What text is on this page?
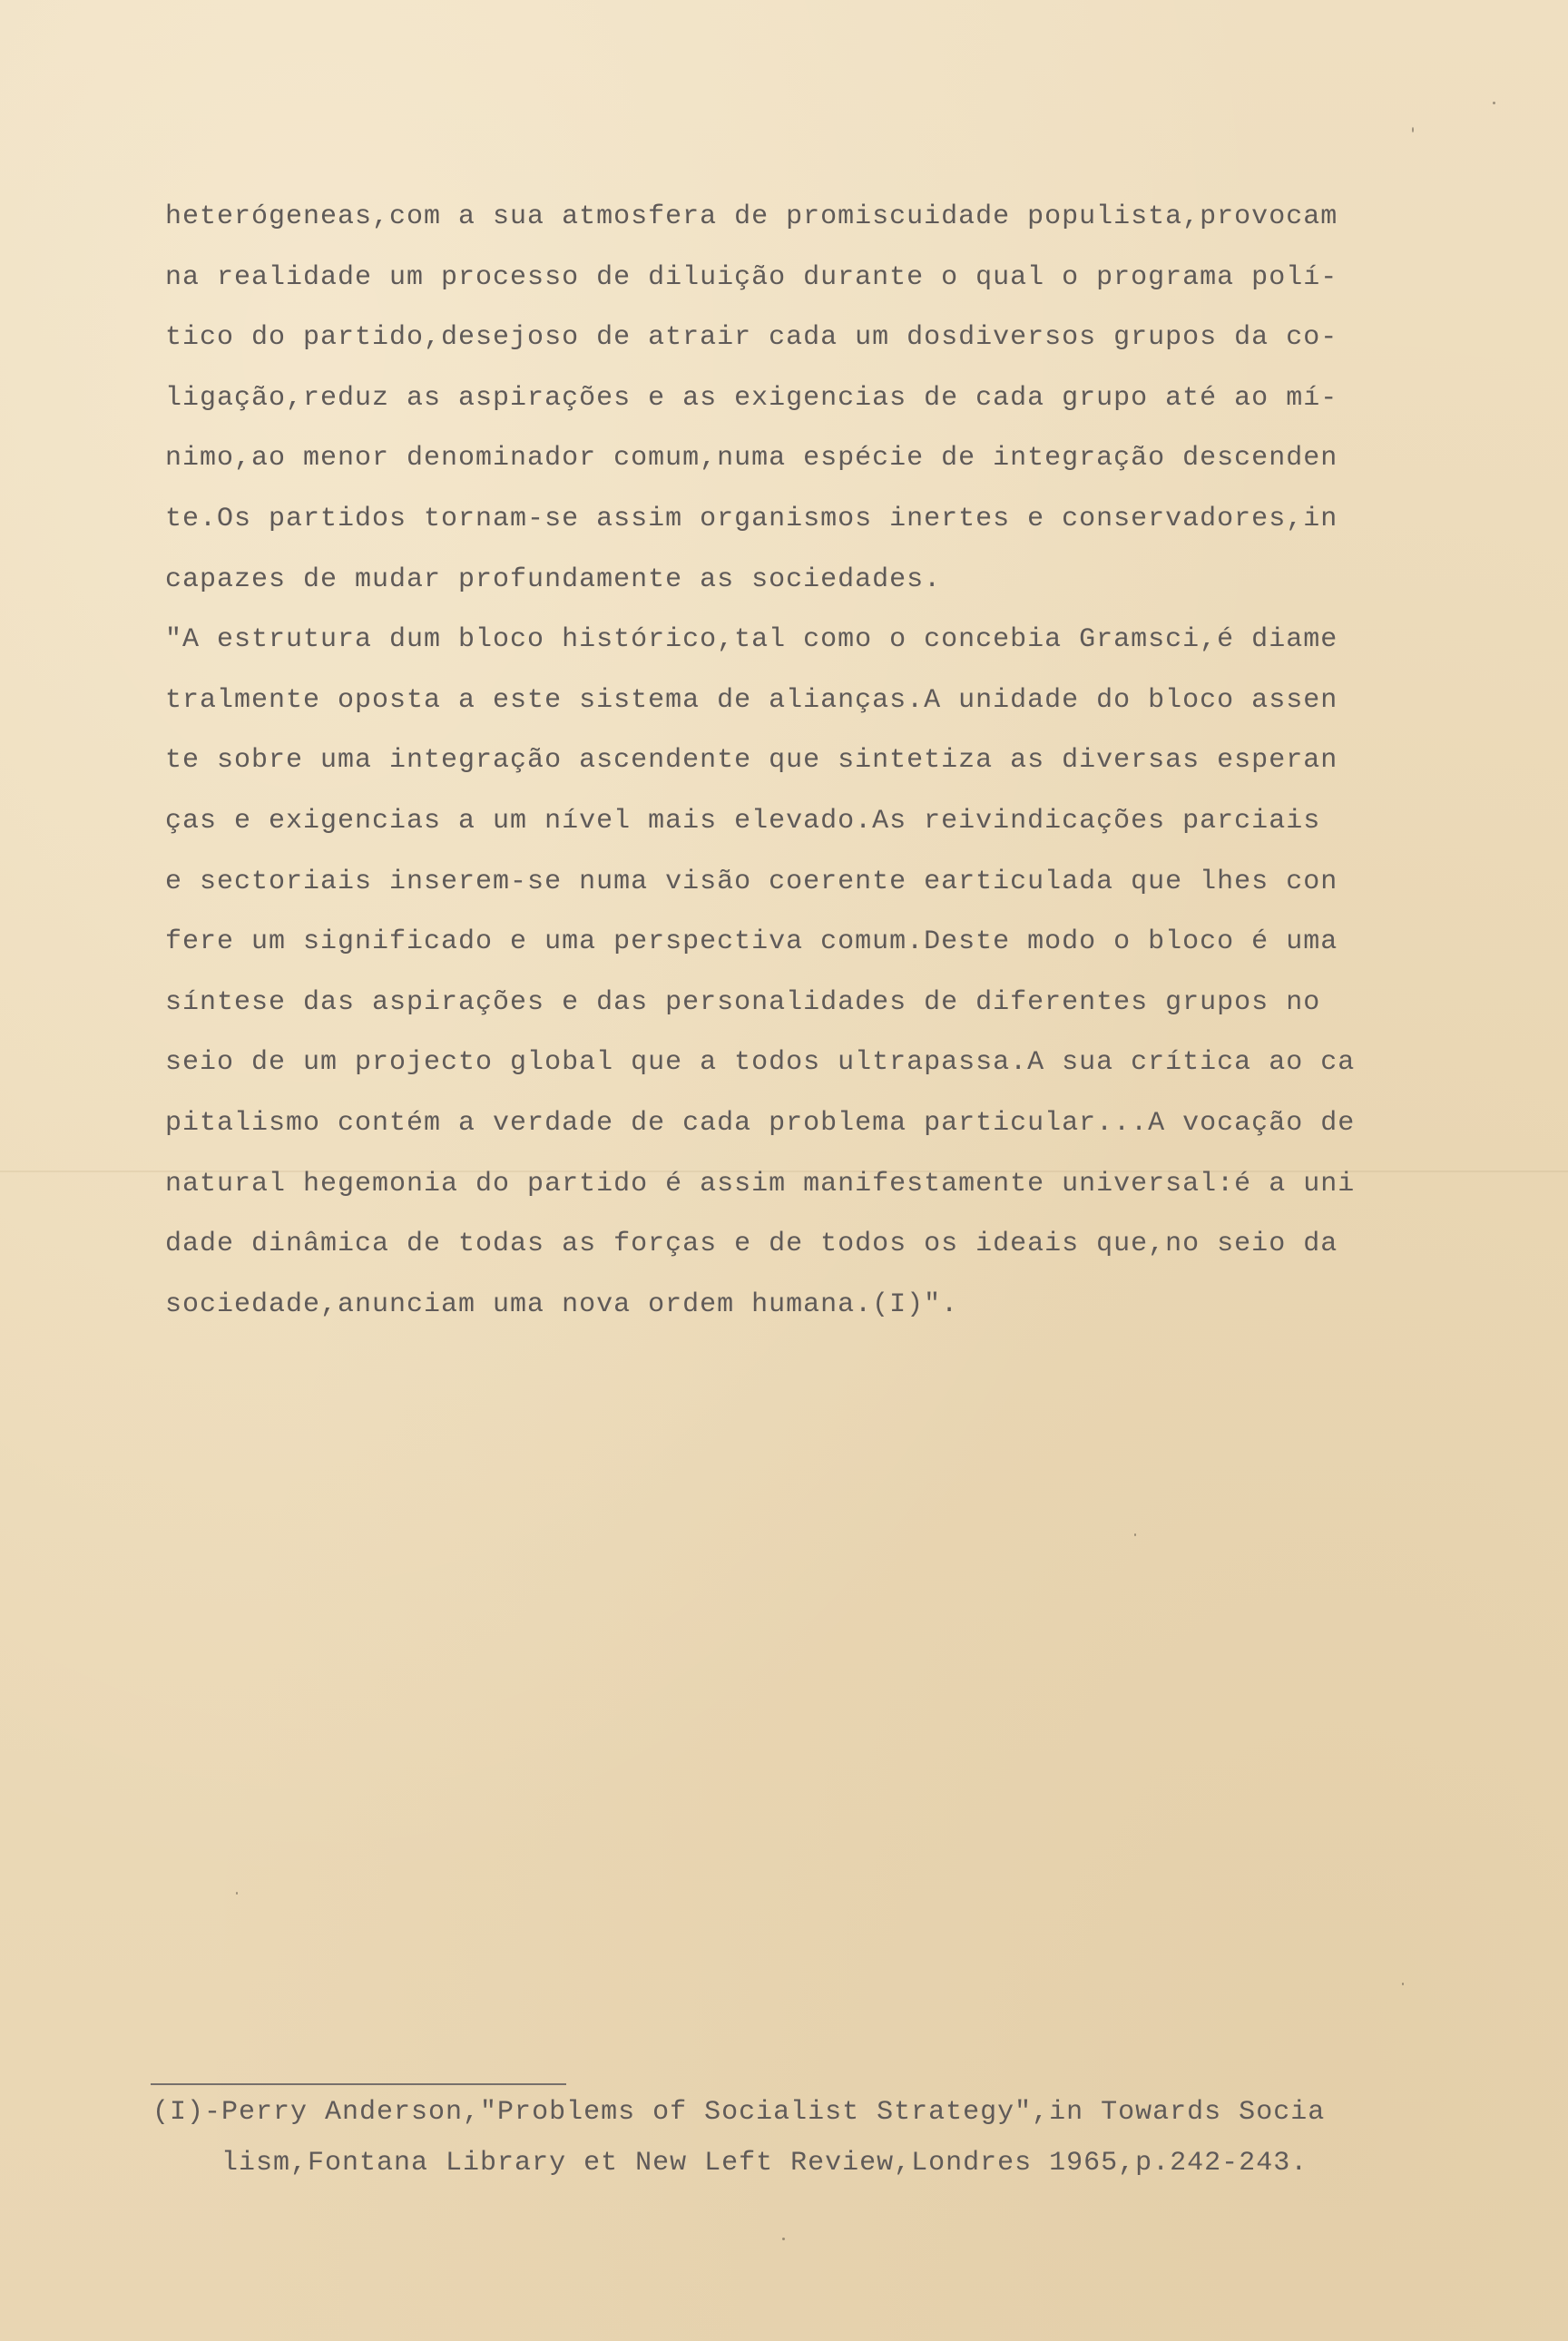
heterógeneas,com a sua atmosfera de promiscuidade populista,provocam
na realidade um processo de diluição durante o qual o programa polí-
tico do partido,desejoso de atrair cada um dosdiversos grupos da co-
ligação,reduz as aspirações e as exigencias de cada grupo até ao mí-
nimo,ao menor denominador comum,numa espécie de integração descenden
te.Os partidos tornam-se assim organismos inertes e conservadores,in
capazes de mudar profundamente as sociedades.
"A estrutura dum bloco histórico,tal como o concebia Gramsci,é diame
tralmente oposta a este sistema de alianças.A unidade do bloco assen
te sobre uma integração ascendente que sintetiza as diversas esperan
ças e exigencias a um nível mais elevado.As reivindicações parciais
e sectoriais inserem-se numa visão coerente earticulada que lhes con
fere um significado e uma perspectiva comum.Deste modo o bloco é uma
síntese das aspirações e das personalidades de diferentes grupos no
seio de um projecto global que a todos ultrapassa.A sua crítica ao ca
pitalismo contém a verdade de cada problema particular...A vocação de
natural hegemonia do partido é assim manifestamente universal:é a uni
dade dinâmica de todas as forças e de todos os ideais que,no seio da
sociedade,anunciam uma nova ordem humana.(I)".
(I)-Perry Anderson,"Problems of Socialist Strategy",in Towards Socia
lism,Fontana Library et New Left Review,Londres 1965,p.242-243.
